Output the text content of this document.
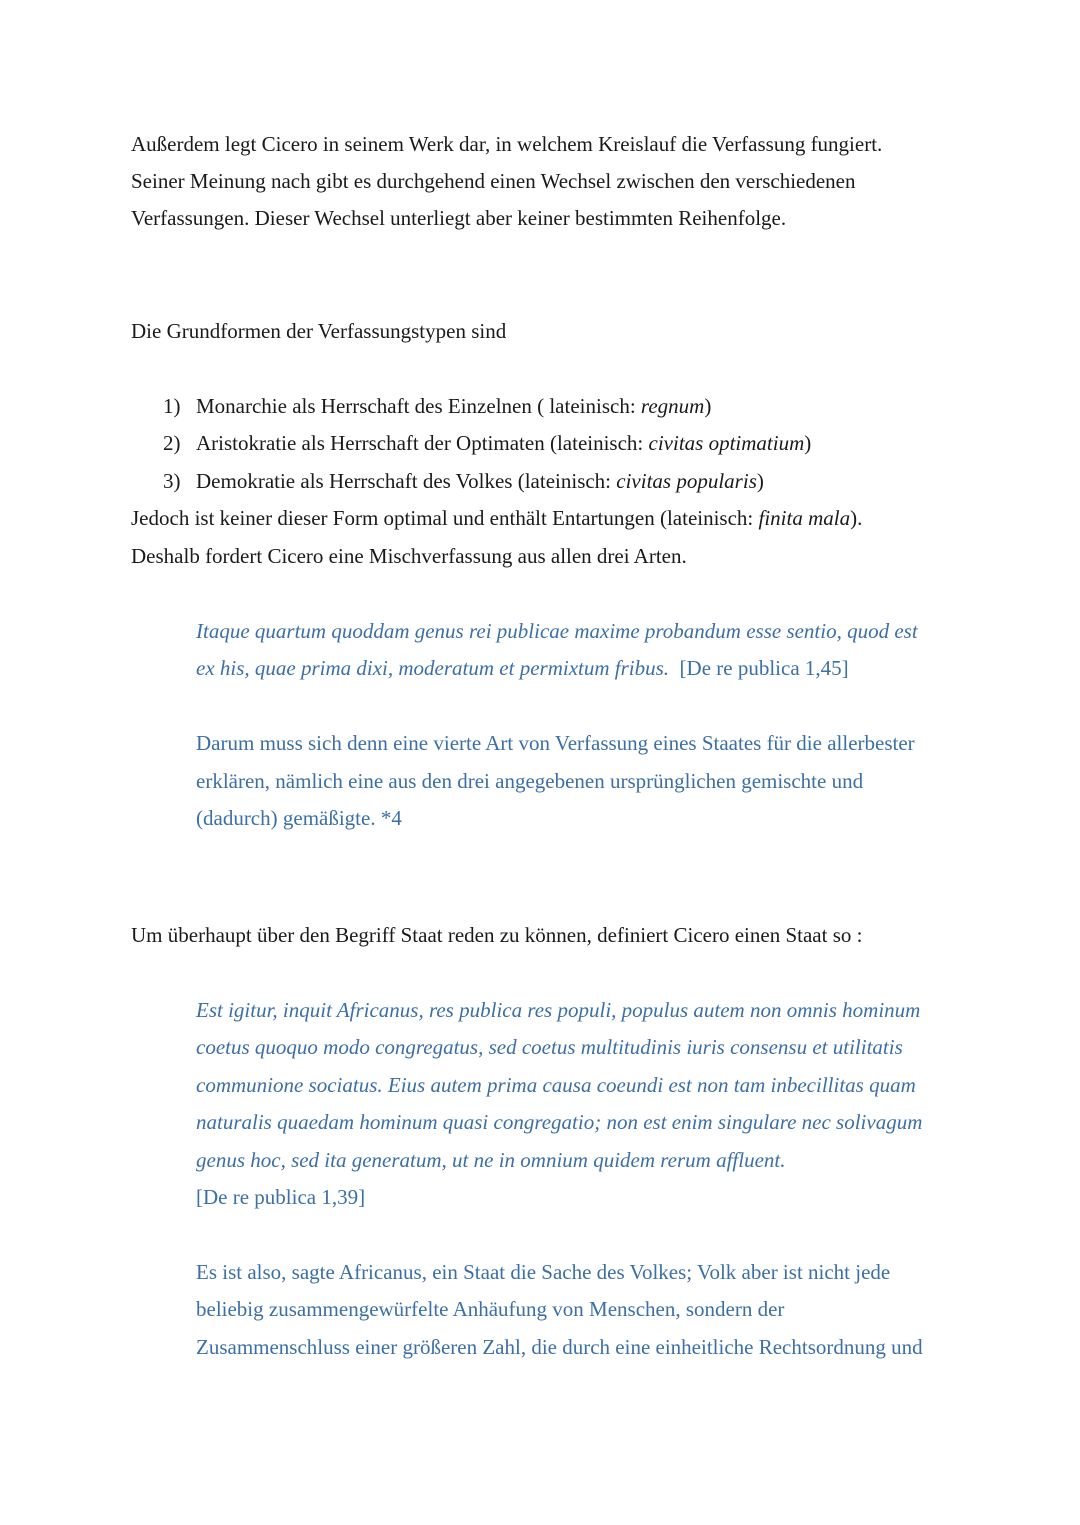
Außerdem legt Cicero in seinem Werk dar, in welchem Kreislauf die Verfassung fungiert.
Seiner Meinung nach gibt es durchgehend einen Wechsel zwischen den verschiedenen
Verfassungen. Dieser Wechsel unterliegt aber keiner bestimmten Reihenfolge.
Die Grundformen der Verfassungstypen sind
1) Monarchie als Herrschaft des Einzelnen ( lateinisch: regnum)
2) Aristokratie als Herrschaft der Optimaten (lateinisch: civitas optimatium)
3) Demokratie als Herrschaft des Volkes (lateinisch: civitas popularis)
Jedoch ist keiner dieser Form optimal und enthält Entartungen (lateinisch: finita mala).
Deshalb fordert Cicero eine Mischverfassung aus allen drei Arten.
Itaque quartum quoddam genus rei publicae maxime probandum esse sentio, quod est
ex his, quae prima dixi, moderatum et permixtum fribus. [De re publica 1,45]
Darum muss sich denn eine vierte Art von Verfassung eines Staates für die allerbester
erklären, nämlich eine aus den drei angegebenen ursprünglichen gemischte und
(dadurch) gemäßigte. *4
Um überhaupt über den Begriff Staat reden zu können, definiert Cicero einen Staat so :
Est igitur, inquit Africanus, res publica res populi, populus autem non omnis hominum
coetus quoquo modo congregatus, sed coetus multitudinis iuris consensu et utilitatis
communione sociatus. Eius autem prima causa coeundi est non tam inbecillitas quam
naturalis quaedam hominum quasi congregatio; non est enim singulare nec solivagum
genus hoc, sed ita generatum, ut ne in omnium quidem rerum affluent.
[De re publica 1,39]
Es ist also, sagte Africanus, ein Staat die Sache des Volkes; Volk aber ist nicht jede
beliebig zusammengewürfelte Anhäufung von Menschen, sondern der
Zusammenschluss einer größeren Zahl, die durch eine einheitliche Rechtsordnung und
